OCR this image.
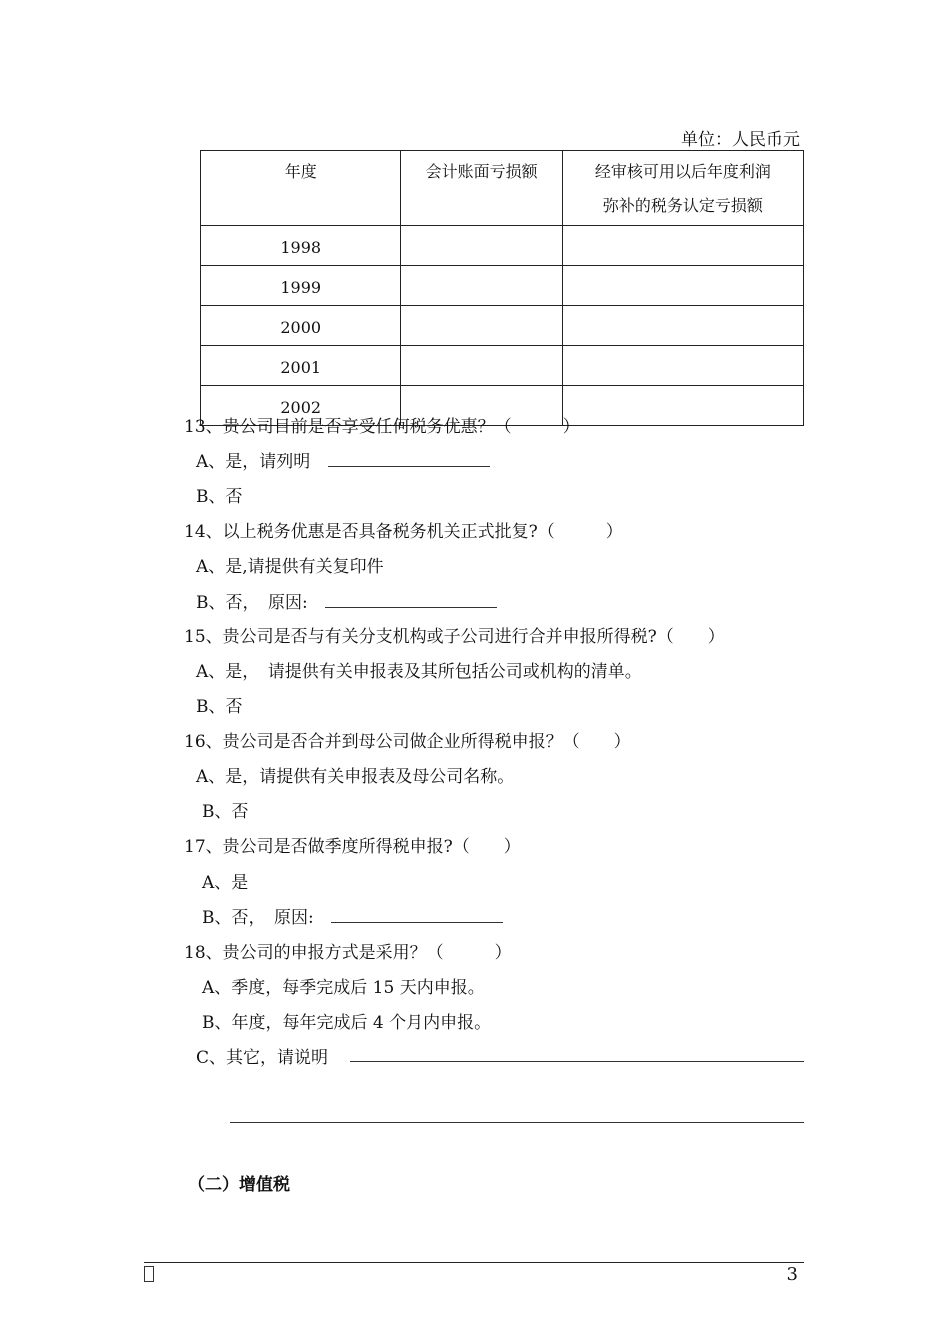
单位：人民币元
年度	会计账面亏损额	经审核可用以后年度利润
弥补的税务认定亏损额
1998		
1999		
2000		
2001		
2002		
13、贵公司目前是否享受任何税务优惠？（　　　）
A、是，请列明
B、否
14、以上税务优惠是否具备税务机关正式批复?（　　　）
A、是,请提供有关复印件
B、否，　原因:
15、贵公司是否与有关分支机构或子公司进行合并申报所得税?（　　）
A、是，　请提供有关申报表及其所包括公司或机构的清单。
B、否
16、贵公司是否合并到母公司做企业所得税申报？（　　）
A、是，请提供有关申报表及母公司名称。
B、否
17、贵公司是否做季度所得税申报?（　　）
A、是
B、否，　原因:
18、贵公司的申报方式是采用？（　　　）
A、季度，每季完成后 15 天内申报。
B、年度，每年完成后 4 个月内申报。
C、其它，请说明
（二）增值税
3
